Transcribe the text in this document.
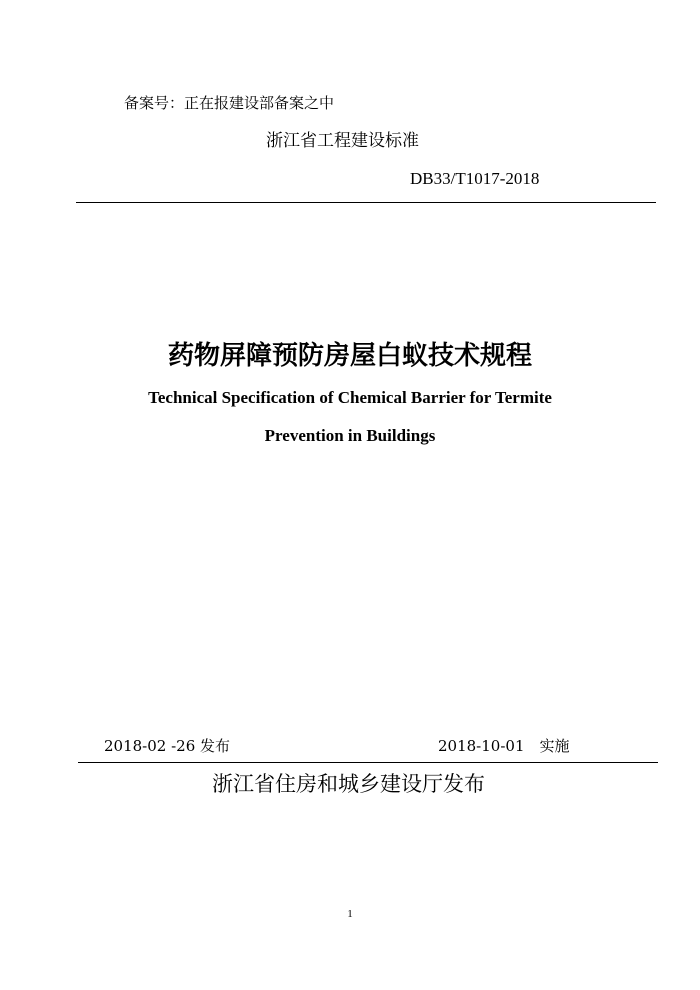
备案号：正在报建设部备案之中
浙江省工程建设标准
DB33/T1017-2018
药物屏障预防房屋白蚁技术规程
Technical Specification of Chemical Barrier for Termite
Prevention in Buildings
2018-02 -26 发布	2018-10-01　实施
浙江省住房和城乡建设厅发布
1
